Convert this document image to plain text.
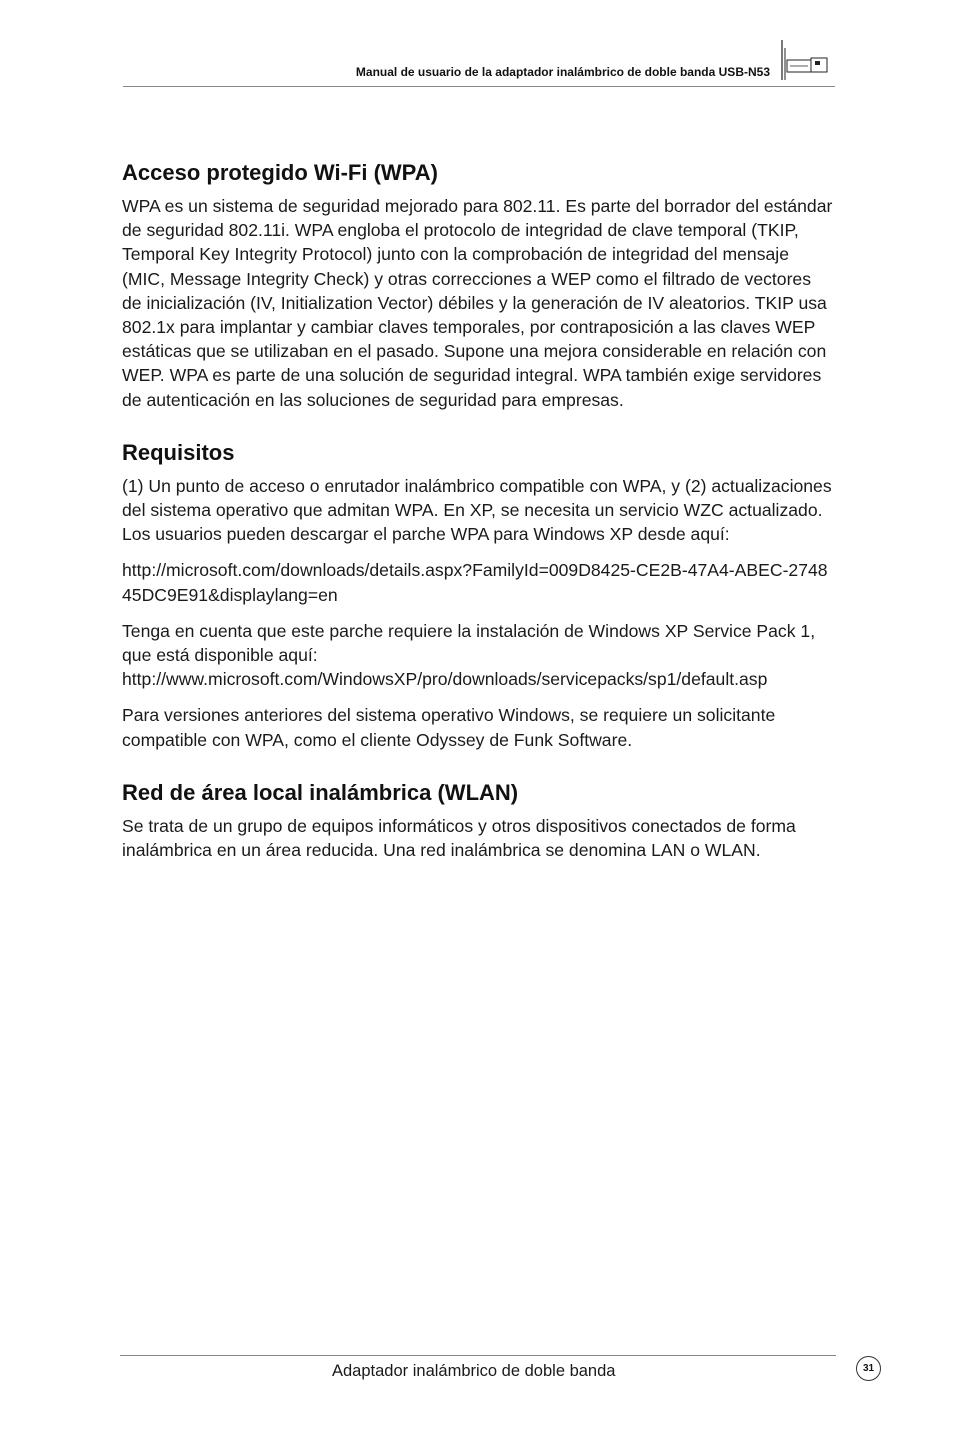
Manual de usuario de la adaptador inalámbrico de doble banda USB-N53
Acceso protegido Wi-Fi (WPA)

WPA es un sistema de seguridad mejorado para 802.11. Es parte del borrador del estándar de seguridad 802.11i. WPA engloba el protocolo de integridad de clave temporal (TKIP, Temporal Key Integrity Protocol) junto con la comprobación de integridad del mensaje (MIC, Message Integrity Check) y otras correcciones a WEP como el filtrado de vectores de inicialización (IV, Initialization Vector) débiles y la generación de IV aleatorios. TKIP usa 802.1x para implantar y cambiar claves temporales, por contraposición a las claves WEP estáticas que se utilizaban en el pasado. Supone una mejora considerable en relación con WEP. WPA es parte de una solución de seguridad integral. WPA también exige servidores de autenticación en las soluciones de seguridad para empresas.

Requisitos

(1) Un punto de acceso o enrutador inalámbrico compatible con WPA, y (2) actualizaciones del sistema operativo que admitan WPA. En XP, se necesita un servicio WZC actualizado. Los usuarios pueden descargar el parche WPA para Windows XP desde aquí:

http://microsoft.com/downloads/details.aspx?FamilyId=009D8425-CE2B-47A4-ABEC-274845DC9E91&displaylang=en

Tenga en cuenta que este parche requiere la instalación de Windows XP Service Pack 1, que está disponible aquí: http://www.microsoft.com/WindowsXP/pro/downloads/servicepacks/sp1/default.asp

Para versiones anteriores del sistema operativo Windows, se requiere un solicitante compatible con WPA, como el cliente Odyssey de Funk Software.

Red de área local inalámbrica (WLAN)

Se trata de un grupo de equipos informáticos y otros dispositivos conectados de forma inalámbrica en un área reducida. Una red inalámbrica se denomina LAN o WLAN.

Adaptador inalámbrico de doble banda	31
